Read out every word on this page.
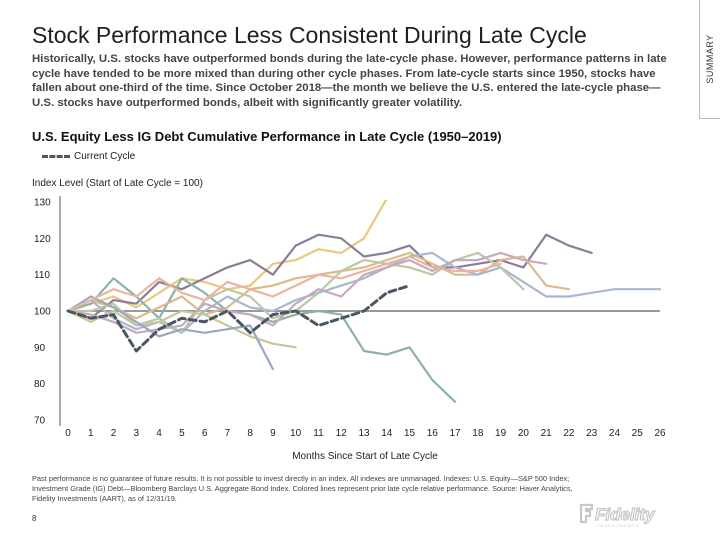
Stock Performance Less Consistent During Late Cycle
Historically, U.S. stocks have outperformed bonds during the late-cycle phase. However, performance patterns in late cycle have tended to be more mixed than during other cycle phases. From late-cycle starts since 1950, stocks have fallen about one-third of the time. Since October 2018—the month we believe the U.S. entered the late-cycle phase—U.S. stocks have outperformed bonds, albeit with significantly greater volatility.
SUMMARY
U.S. Equity Less IG Debt Cumulative Performance in Late Cycle (1950–2019)
Current Cycle
Index Level (Start of Late Cycle = 100)
70
80
90
100
110
120
130
0 1 2 3 4 5 6 7 8 9 10 11 12 13 14 15 16 17 18 19 20 21 22 23 24 25 26
Months Since Start of Late Cycle
Past performance is no guarantee of future results. It is not possible to invest directly in an index. All indexes are unmanaged. Indexes: U.S. Equity—S&P 500 Index; Investment Grade (IG) Debt—Bloomberg Barclays U.S. Aggregate Bond Index. Colored lines represent prior late cycle relative performance. Source: Haver Analytics, Fidelity Investments (AART), as of 12/31/19.
8	Fidelity
INVESTMENTS
